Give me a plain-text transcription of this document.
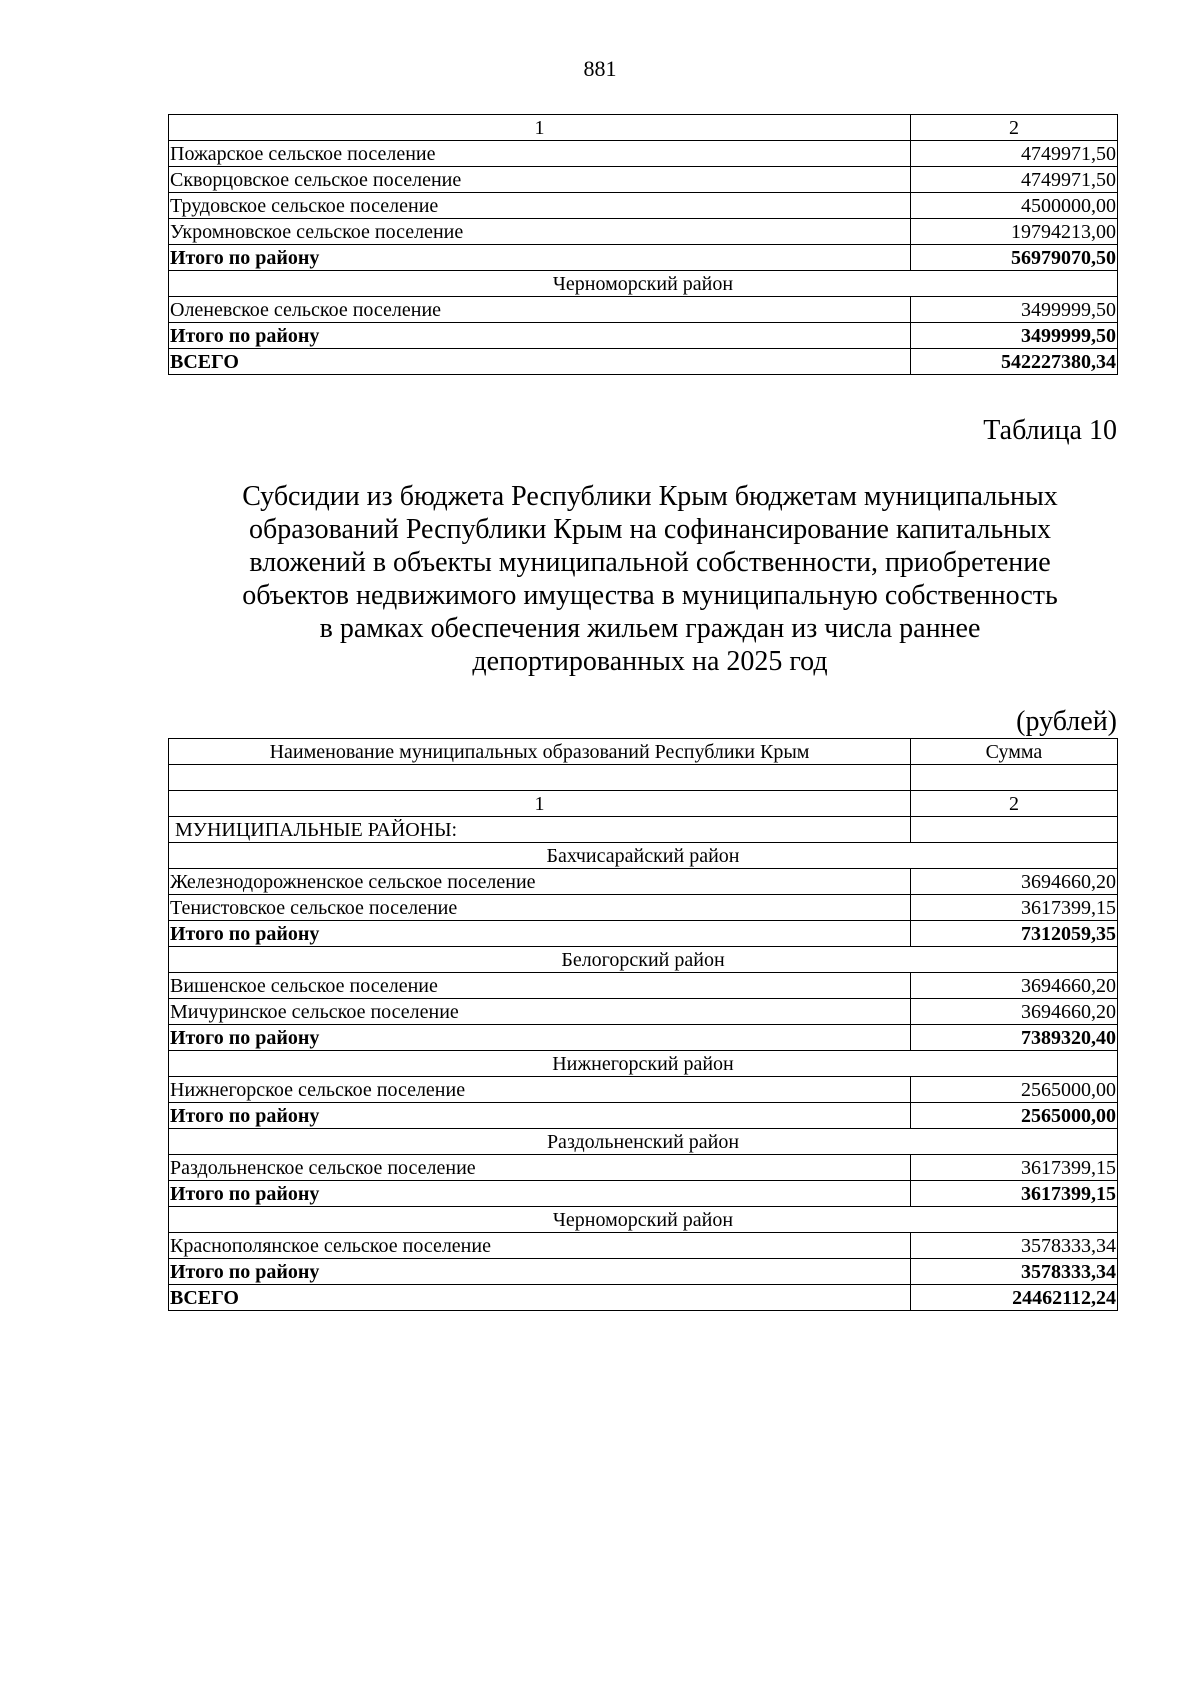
881
1	2
Пожарское сельское поселение	4749971,50
Скворцовское сельское поселение	4749971,50
Трудовское сельское поселение	4500000,00
Укромновское сельское поселение	19794213,00
Итого по району	56979070,50
Черноморский район	
Оленевское сельское поселение	3499999,50
Итого по району	3499999,50
ВСЕГО	542227380,34
Таблица 10
Субсидии из бюджета Республики Крым бюджетам муниципальных
образований Республики Крым на софинансирование капитальных
вложений в объекты муниципальной собственности, приобретение
объектов недвижимого имущества в муниципальную собственность
в рамках обеспечения жильем граждан из числа раннее
депортированных на 2025 год
(рублей)
Наименование муниципальных образований Республики Крым	Сумма

1	2
МУНИЦИПАЛЬНЫЕ РАЙОНЫ:	
Бахчисарайский район	
Железнодорожненское сельское поселение	3694660,20
Тенистовское сельское поселение	3617399,15
Итого по району	7312059,35
Белогорский район	
Вишенское сельское поселение	3694660,20
Мичуринское сельское поселение	3694660,20
Итого по району	7389320,40
Нижнегорский район	
Нижнегорское сельское поселение	2565000,00
Итого по району	2565000,00
Раздольненский район	
Раздольненское сельское поселение	3617399,15
Итого по району	3617399,15
Черноморский район	
Краснополянское сельское поселение	3578333,34
Итого по району	3578333,34
ВСЕГО	24462112,24
